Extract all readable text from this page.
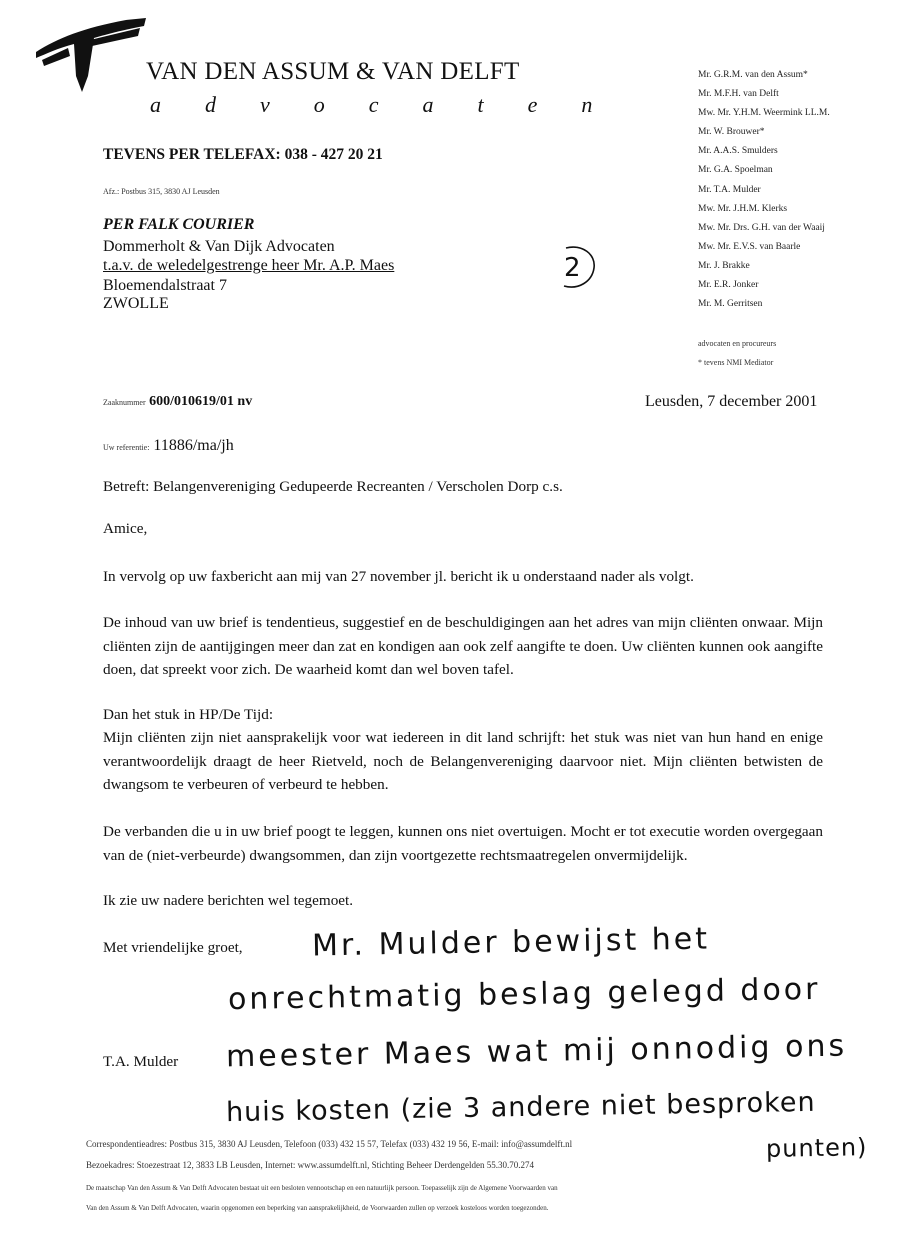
VAN DEN ASSUM & VAN DELFT
advocaten
Mr. G.R.M. van den Assum*
Mr. M.F.H. van Delft
Mw. Mr. Y.H.M. Weermink LL.M.
Mr. W. Brouwer*
Mr. A.A.S. Smulders
Mr. G.A. Spoelman
Mr. T.A. Mulder
Mw. Mr. J.H.M. Klerks
Mw. Mr. Drs. G.H. van der Waaij
Mw. Mr. E.V.S. van Baarle
Mr. J. Brakke
Mr. E.R. Jonker
Mr. M. Gerritsen
advocaten en procureurs
* tevens NMI Mediator
TEVENS PER TELEFAX: 038 - 427 20 21
Afz.: Postbus 315, 3830 AJ Leusden
PER FALK COURIER
Dommerholt & Van Dijk Advocaten
t.a.v. de weledelgestrenge heer Mr. A.P. Maes
Bloemendalstraat 7
ZWOLLE
2
Zaaknummer 600/010619/01 nv	Leusden, 7 december 2001
Uw referentie: 11886/ma/jh
Betreft: Belangenvereniging Gedupeerde Recreanten / Verscholen Dorp c.s.
Amice,

In vervolg op uw faxbericht aan mij van 27 november jl. bericht ik u onderstaand nader als volgt.

De inhoud van uw brief is tendentieus, suggestief en de beschuldigingen aan het adres van mijn cliënten onwaar. Mijn cliënten zijn de aantijgingen meer dan zat en kondigen aan ook zelf aangifte te doen. Uw cliënten kunnen ook aangifte doen, dat spreekt voor zich. De waarheid komt dan wel boven tafel.

Dan het stuk in HP/De Tijd:

Mijn cliënten zijn niet aansprakelijk voor wat iedereen in dit land schrijft: het stuk was niet van hun hand en enige verantwoordelijk draagt de heer Rietveld, noch de Belangenvereniging daarvoor niet. Mijn cliënten betwisten de dwangsom te verbeuren of verbeurd te hebben.

De verbanden die u in uw brief poogt te leggen, kunnen ons niet overtuigen. Mocht er tot executie worden overgegaan van de (niet-verbeurde) dwangsommen, dan zijn voortgezette rechtsmaatregelen onvermijdelijk.

Ik zie uw nadere berichten wel tegemoet.

Met vriendelijke groet,
T.A. Mulder
Mr. Mulder bewijst het
onrechtmatig beslag gelegd door
meester Maes wat mij onnodig ons
huis kosten (zie 3 andere niet besproken
punten)
Correspondentieadres: Postbus 315, 3830 AJ Leusden, Telefoon (033) 432 15 57, Telefax (033) 432 19 56, E-mail: info@assumdelft.nl
Bezoekadres: Stoezestraat 12, 3833 LB Leusden, Internet: www.assumdelft.nl, Stichting Beheer Derdengelden 55.30.70.274
De maatschap Van den Assum & Van Delft Advocaten bestaat uit een besloten vennootschap en een natuurlijk persoon. Toepasselijk zijn de Algemene Voorwaarden van
Van den Assum & Van Delft Advocaten, waarin opgenomen een beperking van aansprakelijkheid, de Voorwaarden zullen op verzoek kosteloos worden toegezonden.
